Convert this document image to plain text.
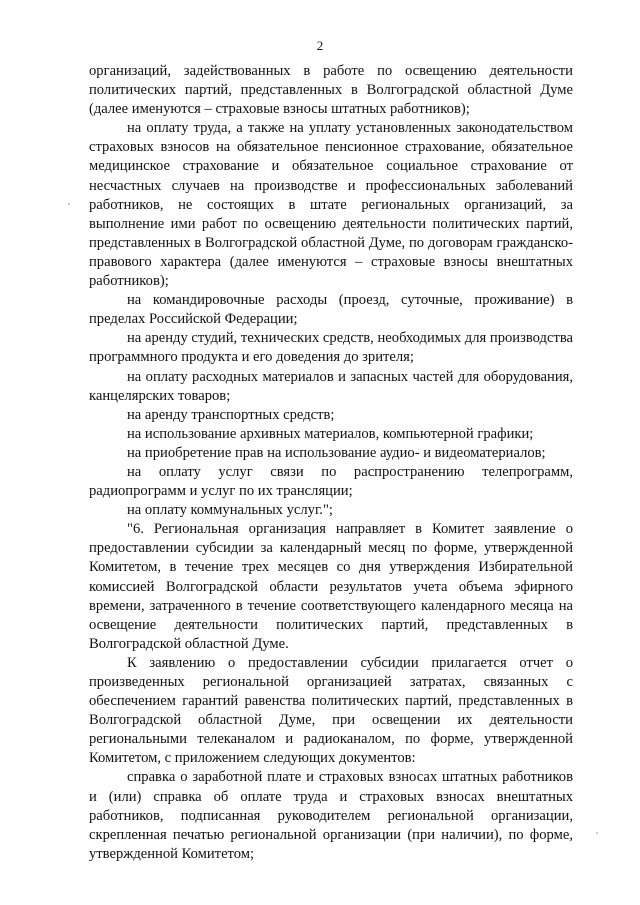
2

организаций, задействованных в работе по освещению деятельности политических партий, представленных в Волгоградской областной Думе (далее именуются – страховые взносы штатных работников);

на оплату труда, а также на уплату установленных законодательством страховых взносов на обязательное пенсионное страхование, обязательное медицинское страхование и обязательное социальное страхование от несчастных случаев на производстве и профессиональных заболеваний работников, не состоящих в штате региональных организаций, за выполнение ими работ по освещению деятельности политических партий, представленных в Волгоградской областной Думе, по договорам гражданско-правового характера (далее именуются – страховые взносы внештатных работников);

на командировочные расходы (проезд, суточные, проживание) в пределах Российской Федерации;

на аренду студий, технических средств, необходимых для производства программного продукта и его доведения до зрителя;

на оплату расходных материалов и запасных частей для оборудования, канцелярских товаров;

на аренду транспортных средств;

на использование архивных материалов, компьютерной графики;

на приобретение прав на использование аудио- и видеоматериалов;

на оплату услуг связи по распространению телепрограмм, радиопрограмм и услуг по их трансляции;

на оплату коммунальных услуг.";

"6. Региональная организация направляет в Комитет заявление о предоставлении субсидии за календарный месяц по форме, утвержденной Комитетом, в течение трех месяцев со дня утверждения Избирательной комиссией Волгоградской области результатов учета объема эфирного времени, затраченного в течение соответствующего календарного месяца на освещение деятельности политических партий, представленных в Волгоградской областной Думе.

К заявлению о предоставлении субсидии прилагается отчет о произведенных региональной организацией затратах, связанных с обеспечением гарантий равенства политических партий, представленных в Волгоградской областной Думе, при освещении их деятельности региональными телеканалом и радиоканалом, по форме, утвержденной Комитетом, с приложением следующих документов:

справка о заработной плате и страховых взносах штатных работников и (или) справка об оплате труда и страховых взносах внештатных работников, подписанная руководителем региональной организации, скрепленная печатью региональной организации (при наличии), по форме, утвержденной Комитетом;
